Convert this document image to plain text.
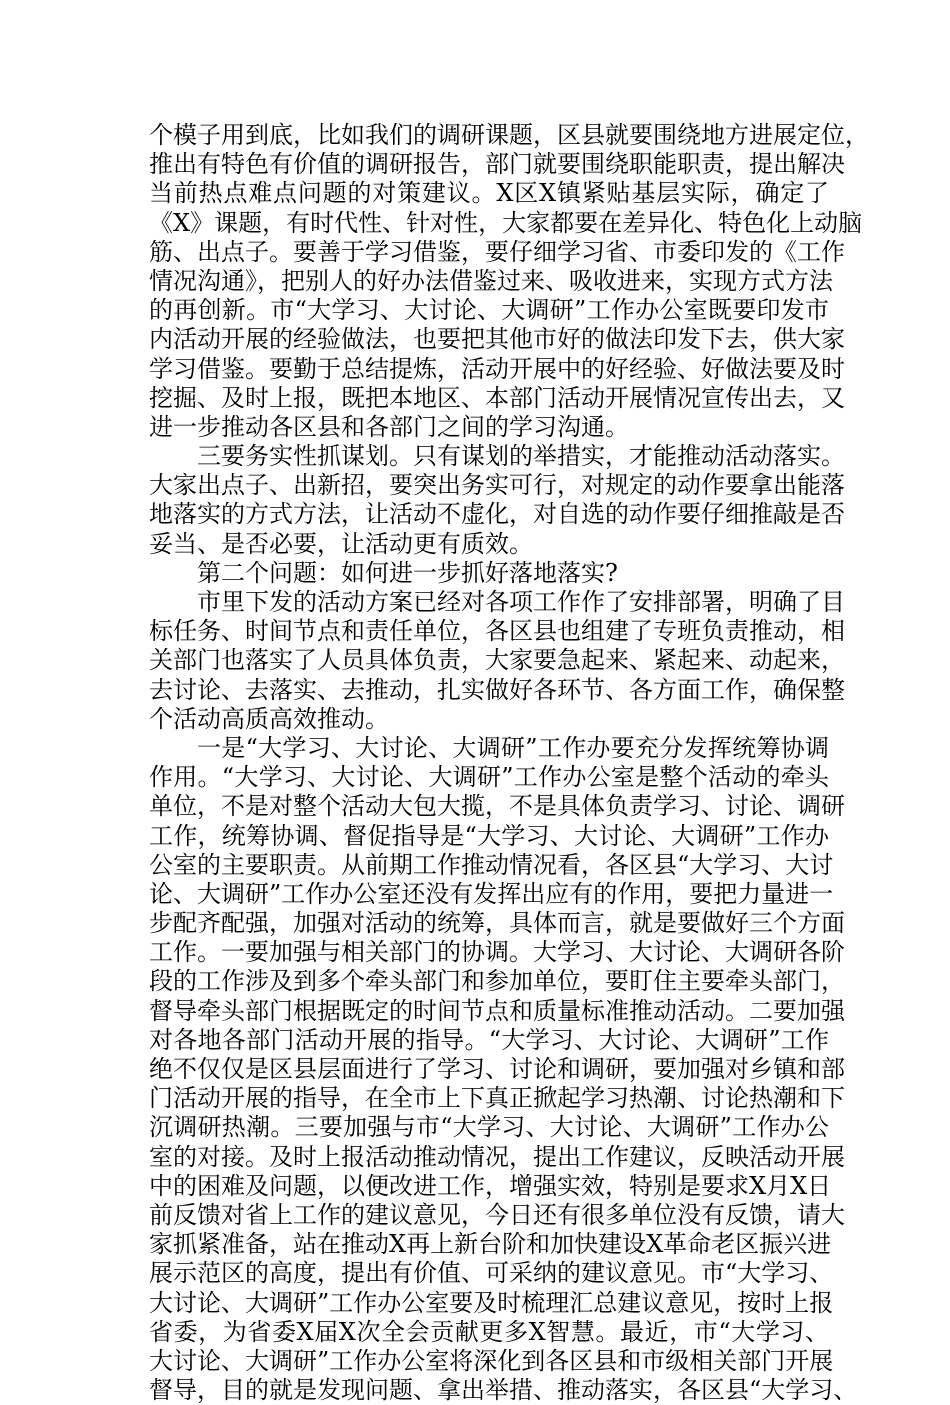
个模子用到底，比如我们的调研课题，区县就要围绕地方进展定位，
推出有特色有价值的调研报告，部门就要围绕职能职责，提出解决
当前热点难点问题的对策建议。X区X镇紧贴基层实际，确定了
《X》课题，有时代性、针对性，大家都要在差异化、特色化上动脑
筋、出点子。要善于学习借鉴，要仔细学习省、市委印发的《工作
情况沟通》，把别人的好办法借鉴过来、吸收进来，实现方式方法
的再创新。市“大学习、大讨论、大调研”工作办公室既要印发市
内活动开展的经验做法，也要把其他市好的做法印发下去，供大家
学习借鉴。要勤于总结提炼，活动开展中的好经验、好做法要及时
挖掘、及时上报，既把本地区、本部门活动开展情况宣传出去，又
进一步推动各区县和各部门之间的学习沟通。
三要务实性抓谋划。只有谋划的举措实，才能推动活动落实。
大家出点子、出新招，要突出务实可行，对规定的动作要拿出能落
地落实的方式方法，让活动不虚化，对自选的动作要仔细推敲是否
妥当、是否必要，让活动更有质效。
第二个问题：如何进一步抓好落地落实?
市里下发的活动方案已经对各项工作作了安排部署，明确了目
标任务、时间节点和责任单位，各区县也组建了专班负责推动，相
关部门也落实了人员具体负责，大家要急起来、紧起来、动起来，
去讨论、去落实、去推动，扎实做好各环节、各方面工作，确保整
个活动高质高效推动。
一是“大学习、大讨论、大调研”工作办要充分发挥统筹协调
作用。“大学习、大讨论、大调研”工作办公室是整个活动的牵头
单位，不是对整个活动大包大揽，不是具体负责学习、讨论、调研
工作，统筹协调、督促指导是“大学习、大讨论、大调研”工作办
公室的主要职责。从前期工作推动情况看，各区县“大学习、大讨
论、大调研”工作办公室还没有发挥出应有的作用，要把力量进一
步配齐配强，加强对活动的统筹，具体而言，就是要做好三个方面
工作。一要加强与相关部门的协调。大学习、大讨论、大调研各阶
段的工作涉及到多个牵头部门和参加单位，要盯住主要牵头部门，
督导牵头部门根据既定的时间节点和质量标准推动活动。二要加强
对各地各部门活动开展的指导。“大学习、大讨论、大调研”工作
绝不仅仅是区县层面进行了学习、讨论和调研，要加强对乡镇和部
门活动开展的指导，在全市上下真正掀起学习热潮、讨论热潮和下
沉调研热潮。三要加强与市“大学习、大讨论、大调研”工作办公
室的对接。及时上报活动推动情况，提出工作建议，反映活动开展
中的困难及问题，以便改进工作，增强实效，特别是要求X月X日
前反馈对省上工作的建议意见，今日还有很多单位没有反馈，请大
家抓紧准备，站在推动X再上新台阶和加快建设X革命老区振兴进
展示范区的高度，提出有价值、可采纳的建议意见。市“大学习、
大讨论、大调研”工作办公室要及时梳理汇总建议意见，按时上报
省委，为省委X届X次全会贡献更多X智慧。最近，市“大学习、
大讨论、大调研”工作办公室将深化到各区县和市级相关部门开展
督导，目的就是发现问题、拿出举措、推动落实，各区县“大学习、
